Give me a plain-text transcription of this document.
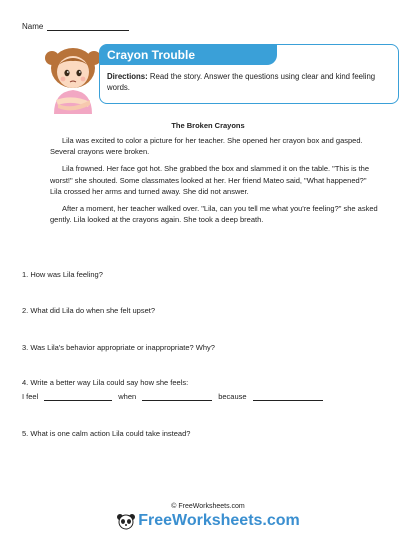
Name
Crayon Trouble
Directions: Read the story. Answer the questions using clear and kind feeling words.
The Broken Crayons

Lila was excited to color a picture for her teacher. She opened her crayon box and gasped. Several crayons were broken.

Lila frowned. Her face got hot. She grabbed the box and slammed it on the table. "This is the worst!" she shouted. Some classmates looked at her. Her friend Mateo said, "What happened?" Lila crossed her arms and turned away. She did not answer.

After a moment, her teacher walked over. "Lila, can you tell me what you're feeling?" she asked gently. Lila looked at the crayons again. She took a deep breath.

1. How was Lila feeling?
2. What did Lila do when she felt upset?
3. Was Lila's behavior appropriate or inappropriate? Why?
4. Write a better way Lila could say how she feels:
I feel	when	because
5. What is one calm action Lila could take instead?
© FreeWorksheets.com
FreeWorksheets.com
